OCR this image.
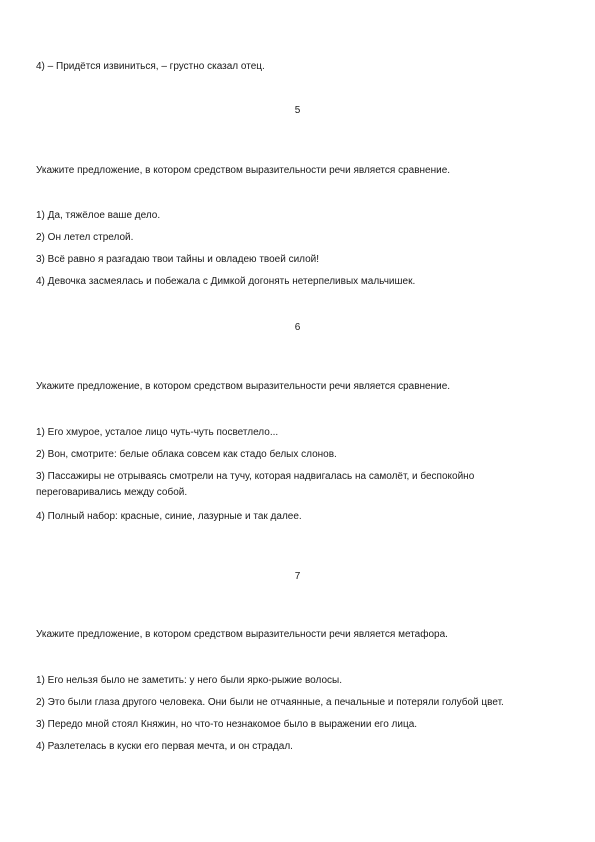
4) – Придётся извиниться, – грустно сказал отец.
5
Укажите предложение, в котором средством выразительности речи является сравнение.
1) Да, тяжёлое ваше дело.
2) Он летел стрелой.
3) Всё равно я разгадаю твои тайны и овладею твоей силой!
4) Девочка засмеялась и побежала с Димкой догонять нетерпеливых мальчишек.
6
Укажите предложение, в котором средством выразительности речи является сравнение.
1) Его хмурое, усталое лицо чуть-чуть посветлело...
2) Вон, смотрите: белые облака совсем как стадо белых слонов.
3) Пассажиры не отрываясь смотрели на тучу, которая надвигалась на самолёт, и беспокойно переговаривались между собой.
4) Полный набор: красные, синие, лазурные и так далее.
7
Укажите предложение, в котором средством выразительности речи является метафора.
1) Его нельзя было не заметить: у него были ярко-рыжие волосы.
2) Это были глаза другого человека. Они были не отчаянные, а печальные и потеряли голубой цвет.
3) Передо мной стоял Княжин, но что-то незнакомое было в выражении его лица.
4) Разлетелась в куски его первая мечта, и он страдал.
